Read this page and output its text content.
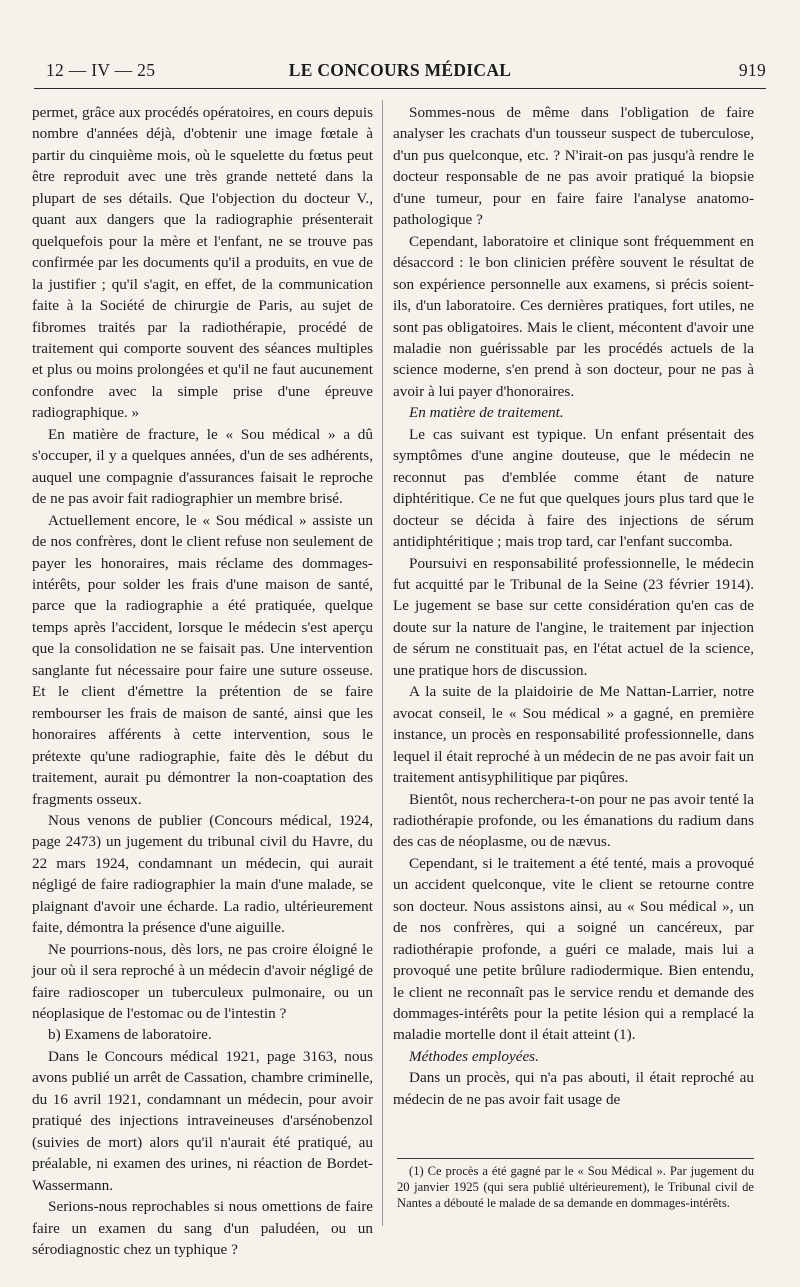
12 — IV — 25	LE CONCOURS MÉDICAL	919

permet, grâce aux procédés opératoires, en cours depuis nombre d'années déjà, d'obtenir une image fœtale à partir du cinquième mois, où le squelette du fœtus peut être reproduit avec une très grande netteté dans la plupart de ses détails. Que l'objection du docteur V., quant aux dangers que la radiographie présenterait quelquefois pour la mère et l'enfant, ne se trouve pas confirmée par les documents qu'il a produits, en vue de la justifier ; qu'il s'agit, en effet, de la communication faite à la Société de chirurgie de Paris, au sujet de fibromes traités par la radiothérapie, procédé de traitement qui comporte souvent des séances multiples et plus ou moins prolongées et qu'il ne faut aucunement confondre avec la simple prise d'une épreuve radiographique. »

En matière de fracture, le « Sou médical » a dû s'occuper, il y a quelques années, d'un de ses adhérents, auquel une compagnie d'assurances faisait le reproche de ne pas avoir fait radiographier un membre brisé.

Actuellement encore, le « Sou médical » assiste un de nos confrères, dont le client refuse non seulement de payer les honoraires, mais réclame des dommages-intérêts, pour solder les frais d'une maison de santé, parce que la radiographie a été pratiquée, quelque temps après l'accident, lorsque le médecin s'est aperçu que la consolidation ne se faisait pas. Une intervention sanglante fut nécessaire pour faire une suture osseuse. Et le client d'émettre la prétention de se faire rembourser les frais de maison de santé, ainsi que les honoraires afférents à cette intervention, sous le prétexte qu'une radiographie, faite dès le début du traitement, aurait pu démontrer la non-coaptation des fragments osseux.

Nous venons de publier (Concours médical, 1924, page 2473) un jugement du tribunal civil du Havre, du 22 mars 1924, condamnant un médecin, qui aurait négligé de faire radiographier la main d'une malade, se plaignant d'avoir une écharde. La radio, ultérieurement faite, démontra la présence d'une aiguille.

Ne pourrions-nous, dès lors, ne pas croire éloigné le jour où il sera reproché à un médecin d'avoir négligé de faire radioscoper un tuberculeux pulmonaire, ou un néoplasique de l'estomac ou de l'intestin ?

b) Examens de laboratoire.

Dans le Concours médical 1921, page 3163, nous avons publié un arrêt de Cassation, chambre criminelle, du 16 avril 1921, condamnant un médecin, pour avoir pratiqué des injections intraveineuses d'arsénobenzol (suivies de mort) alors qu'il n'aurait été pratiqué, au préalable, ni examen des urines, ni réaction de Bordet-Wassermann.

Serions-nous reprochables si nous omettions de faire faire un examen du sang d'un paludéen, ou un sérodiagnostic chez un typhique ?

Sommes-nous de même dans l'obligation de faire analyser les crachats d'un tousseur suspect de tuberculose, d'un pus quelconque, etc. ? N'irait-on pas jusqu'à rendre le docteur responsable de ne pas avoir pratiqué la biopsie d'une tumeur, pour en faire faire l'analyse anatomo-pathologique ?

Cependant, laboratoire et clinique sont fréquemment en désaccord : le bon clinicien préfère souvent le résultat de son expérience personnelle aux examens, si précis soient-ils, d'un laboratoire. Ces dernières pratiques, fort utiles, ne sont pas obligatoires. Mais le client, mécontent d'avoir une maladie non guérissable par les procédés actuels de la science moderne, s'en prend à son docteur, pour ne pas à avoir à lui payer d'honoraires.

En matière de traitement.

Le cas suivant est typique. Un enfant présentait des symptômes d'une angine douteuse, que le médecin ne reconnut pas d'emblée comme étant de nature diphtéritique. Ce ne fut que quelques jours plus tard que le docteur se décida à faire des injections de sérum antidiphtéritique ; mais trop tard, car l'enfant succomba.

Poursuivi en responsabilité professionnelle, le médecin fut acquitté par le Tribunal de la Seine (23 février 1914). Le jugement se base sur cette considération qu'en cas de doute sur la nature de l'angine, le traitement par injection de sérum ne constituait pas, en l'état actuel de la science, une pratique hors de discussion.

A la suite de la plaidoirie de Me Nattan-Larrier, notre avocat conseil, le « Sou médical » a gagné, en première instance, un procès en responsabilité professionnelle, dans lequel il était reproché à un médecin de ne pas avoir fait un traitement antisyphilitique par piqûres.

Bientôt, nous recherchera-t-on pour ne pas avoir tenté la radiothérapie profonde, ou les émanations du radium dans des cas de néoplasme, ou de nævus.

Cependant, si le traitement a été tenté, mais a provoqué un accident quelconque, vite le client se retourne contre son docteur. Nous assistons ainsi, au « Sou médical », un de nos confrères, qui a soigné un cancéreux, par radiothérapie profonde, a guéri ce malade, mais lui a provoqué une petite brûlure radiodermique. Bien entendu, le client ne reconnaît pas le service rendu et demande des dommages-intérêts pour la petite lésion qui a remplacé la maladie mortelle dont il était atteint (1).

Méthodes employées.

Dans un procès, qui n'a pas abouti, il était reproché au médecin de ne pas avoir fait usage de

(1) Ce procès a été gagné par le « Sou Médical ». Par jugement du 20 janvier 1925 (qui sera publié ultérieurement), le Tribunal civil de Nantes a débouté le malade de sa demande en dommages-intérêts.
